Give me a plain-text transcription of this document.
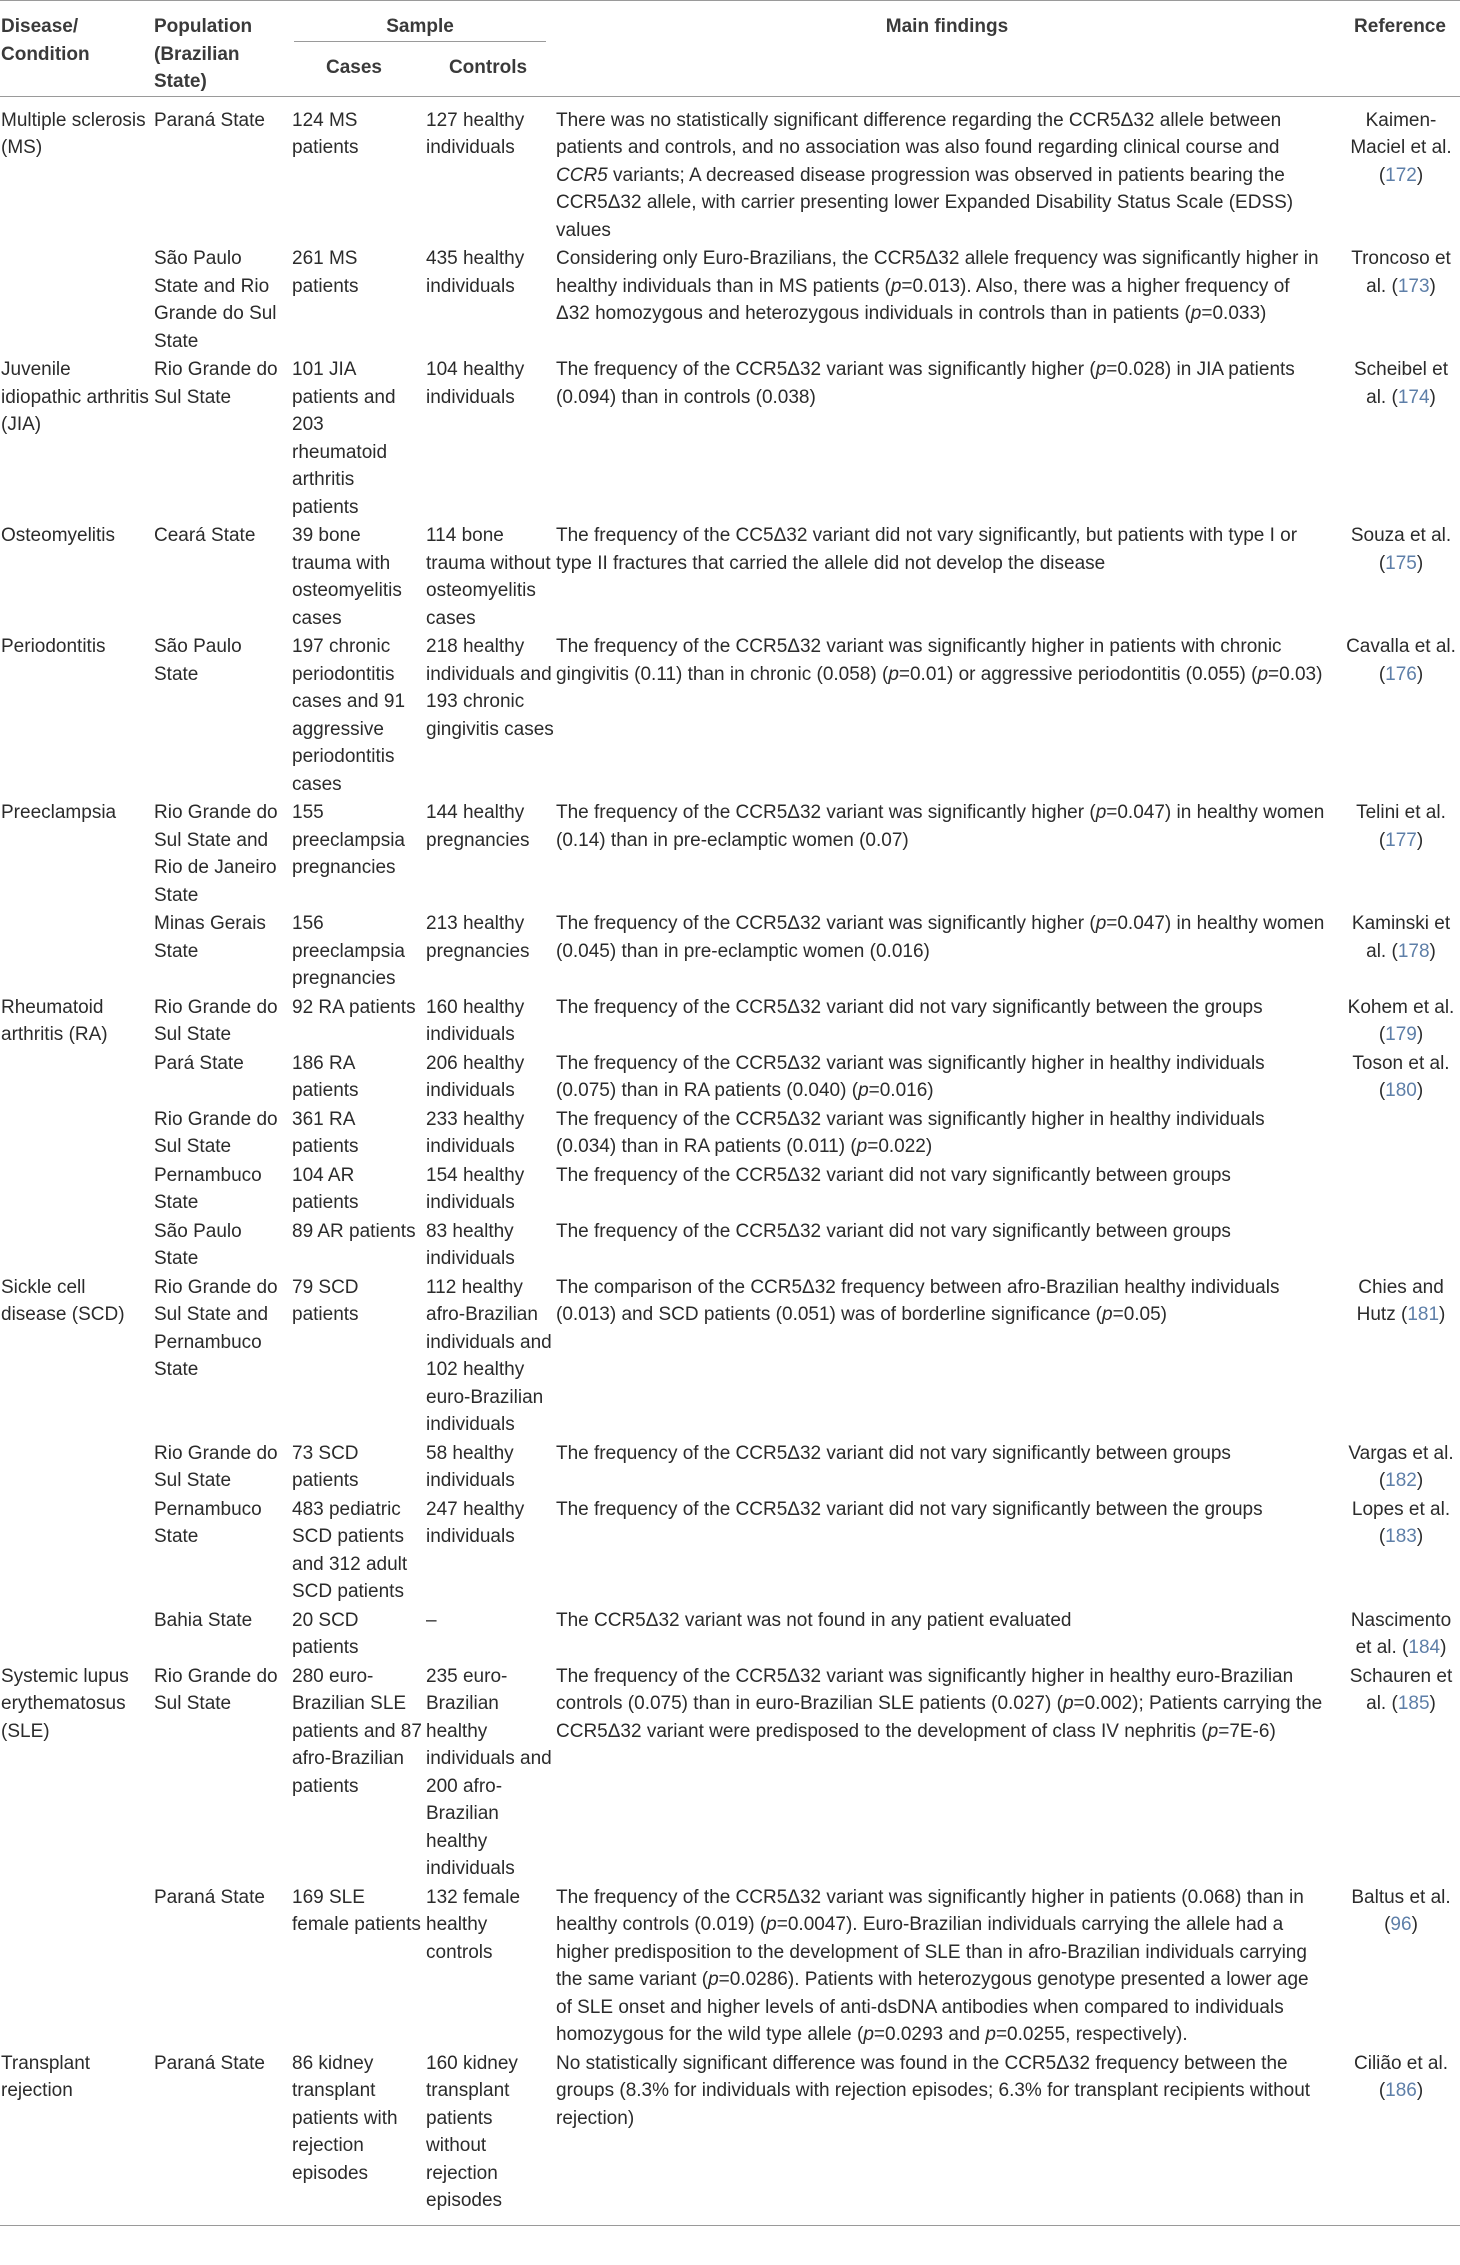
Disease/ Condition	Population (Brazilian State)	Sample		Main findings	Reference
		Cases	Controls		
Multiple sclerosis (MS)	Paraná State	124 MS patients	127 healthy individuals	There was no statistically significant difference regarding the CCR5Δ32 allele between patients and controls, and no association was also found regarding clinical course and CCR5 variants; A decreased disease progression was observed in patients bearing the CCR5Δ32 allele, with carrier presenting lower Expanded Disability Status Scale (EDSS) values	Kaimen-Maciel et al. (172)
	São Paulo State and Rio Grande do Sul State	261 MS patients	435 healthy individuals	Considering only Euro-Brazilians, the CCR5Δ32 allele frequency was significantly higher in healthy individuals than in MS patients (p=0.013). Also, there was a higher frequency of Δ32 homozygous and heterozygous individuals in controls than in patients (p=0.033)	Troncoso et al. (173)
Juvenile idiopathic arthritis (JIA)	Rio Grande do Sul State	101 JIA patients and 203 rheumatoid arthritis patients	104 healthy individuals	The frequency of the CCR5Δ32 variant was significantly higher (p=0.028) in JIA patients (0.094) than in controls (0.038)	Scheibel et al. (174)
Osteomyelitis	Ceará State	39 bone trauma with osteomyelitis cases	114 bone trauma without osteomyelitis cases	The frequency of the CC5Δ32 variant did not vary significantly, but patients with type I or type II fractures that carried the allele did not develop the disease	Souza et al. (175)
Periodontitis	São Paulo State	197 chronic periodontitis cases and 91 aggressive periodontitis cases	218 healthy individuals and 193 chronic gingivitis cases	The frequency of the CCR5Δ32 variant was significantly higher in patients with chronic gingivitis (0.11) than in chronic (0.058) (p=0.01) or aggressive periodontitis (0.055) (p=0.03)	Cavalla et al. (176)
Preeclampsia	Rio Grande do Sul State and Rio de Janeiro State	155 preeclampsia pregnancies	144 healthy pregnancies	The frequency of the CCR5Δ32 variant was significantly higher (p=0.047) in healthy women (0.14) than in pre-eclamptic women (0.07)	Telini et al. (177)
	Minas Gerais State	156 preeclampsia pregnancies	213 healthy pregnancies	The frequency of the CCR5Δ32 variant was significantly higher (p=0.047) in healthy women (0.045) than in pre-eclamptic women (0.016)	Kaminski et al. (178)
Rheumatoid arthritis (RA)	Rio Grande do Sul State	92 RA patients	160 healthy individuals	The frequency of the CCR5Δ32 variant did not vary significantly between the groups	Kohem et al. (179)
	Pará State	186 RA patients	206 healthy individuals	The frequency of the CCR5Δ32 variant was significantly higher in healthy individuals (0.075) than in RA patients (0.040) (p=0.016)	Toson et al. (180)
	Rio Grande do Sul State	361 RA patients	233 healthy individuals	The frequency of the CCR5Δ32 variant was significantly higher in healthy individuals (0.034) than in RA patients (0.011) (p=0.022)	
	Pernambuco State	104 AR patients	154 healthy individuals	The frequency of the CCR5Δ32 variant did not vary significantly between groups	
	São Paulo State	89 AR patients	83 healthy individuals	The frequency of the CCR5Δ32 variant did not vary significantly between groups	
Sickle cell disease (SCD)	Rio Grande do Sul State and Pernambuco State	79 SCD patients	112 healthy afro-Brazilian individuals and 102 healthy euro-Brazilian individuals	The comparison of the CCR5Δ32 frequency between afro-Brazilian healthy individuals (0.013) and SCD patients (0.051) was of borderline significance (p=0.05)	Chies and Hutz (181)
	Rio Grande do Sul State	73 SCD patients	58 healthy individuals	The frequency of the CCR5Δ32 variant did not vary significantly between groups	Vargas et al. (182)
	Pernambuco State	483 pediatric SCD patients and 312 adult SCD patients	247 healthy individuals	The frequency of the CCR5Δ32 variant did not vary significantly between the groups	Lopes et al. (183)
	Bahia State	20 SCD patients	–	The CCR5Δ32 variant was not found in any patient evaluated	Nascimento et al. (184)
Systemic lupus erythematosus (SLE)	Rio Grande do Sul State	280 euro-Brazilian SLE patients and 87 afro-Brazilian patients	235 euro-Brazilian healthy individuals and 200 afro-Brazilian healthy individuals	The frequency of the CCR5Δ32 variant was significantly higher in healthy euro-Brazilian controls (0.075) than in euro-Brazilian SLE patients (0.027) (p=0.002); Patients carrying the CCR5Δ32 variant were predisposed to the development of class IV nephritis (p=7E-6)	Schauren et al. (185)
	Paraná State	169 SLE female patients	132 female healthy controls	The frequency of the CCR5Δ32 variant was significantly higher in patients (0.068) than in healthy controls (0.019) (p=0.0047). Euro-Brazilian individuals carrying the allele had a higher predisposition to the development of SLE than in afro-Brazilian individuals carrying the same variant (p=0.0286). Patients with heterozygous genotype presented a lower age of SLE onset and higher levels of anti-dsDNA antibodies when compared to individuals homozygous for the wild type allele (p=0.0293 and p=0.0255, respectively).	Baltus et al. (96)
Transplant rejection	Paraná State	86 kidney transplant patients with rejection episodes	160 kidney transplant patients without rejection episodes	No statistically significant difference was found in the CCR5Δ32 frequency between the groups (8.3% for individuals with rejection episodes; 6.3% for transplant recipients without rejection)	Cilião et al. (186)
